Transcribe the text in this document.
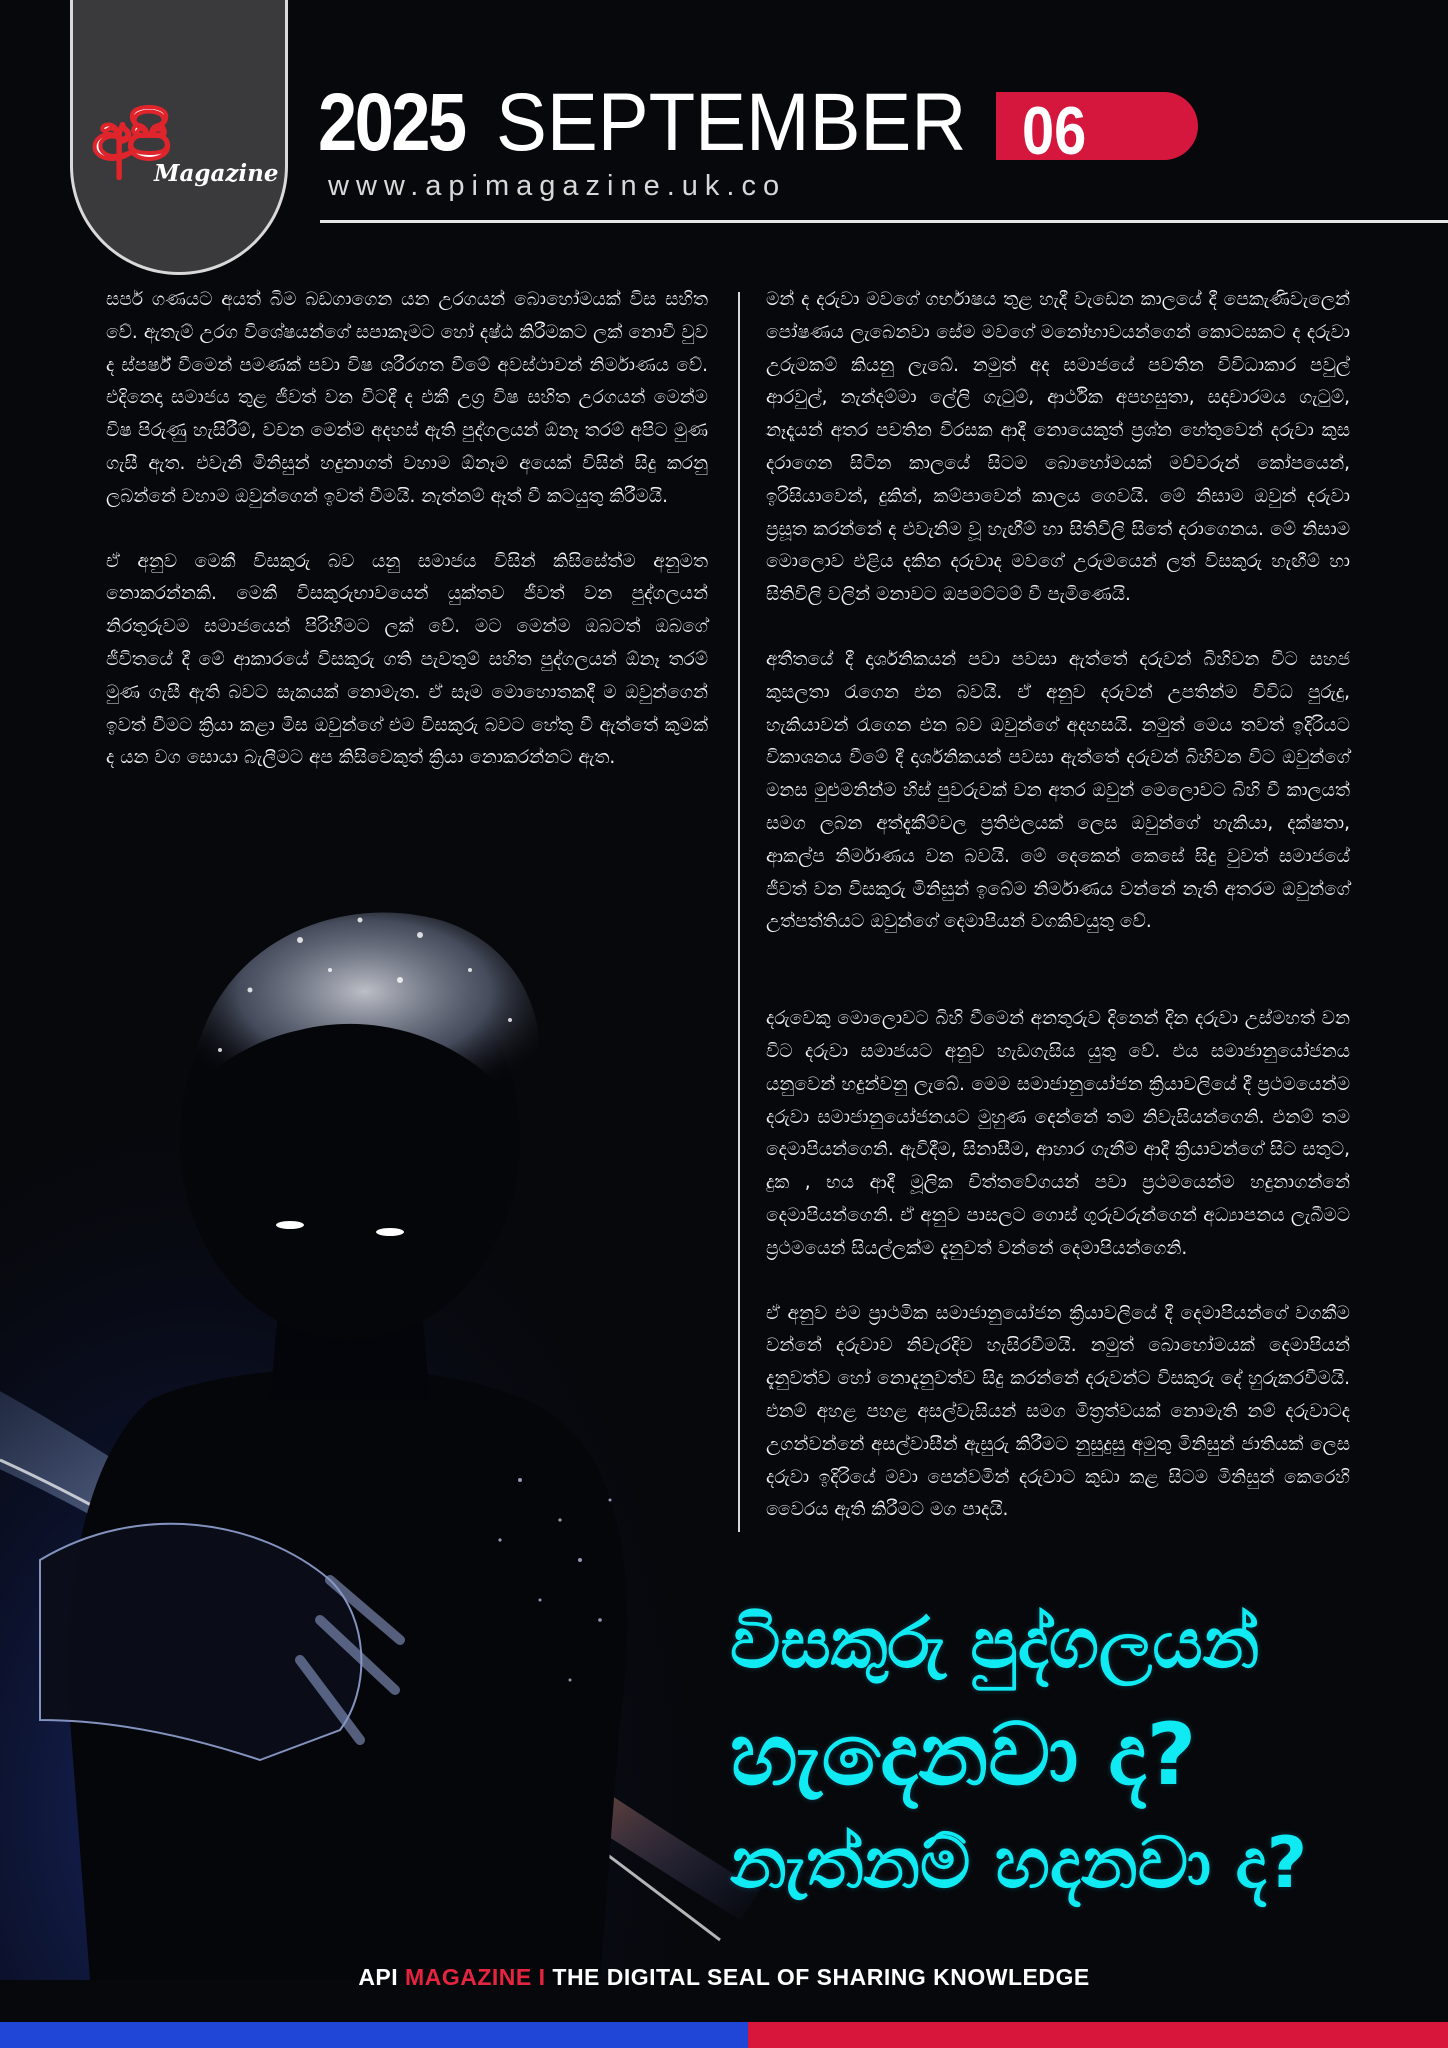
අපි
Magazine
2025 SEPTEMBER 06
www.apimagazine.uk.co

සර්ප ගණයට අයත් බිම බඩගාගෙන යන උරගයන් බොහෝමයක් විස සහිත වේ. ඇතැම් උරග විශේෂයන්ගේ සපාකෑමට හෝ දෂ්ඨ කිරීමකට ලක් නොවී වුව ද ස්පර්ෂ් වීමෙන් පමණක් පවා විෂ ශරීරගත වීමේ අවස්ථාවන් නිර්මාණය වේ. එදිනෙදා සමාජය තුළ ජීවත් වන විටදී ද එකී උග්‍ර විෂ සහිත උරගයන් මෙන්ම විෂ පිරුණු හැසිරීම්, වචන මෙන්ම අදහස් ඇති පුද්ගලයන් ඕනෑ තරම් අපිට මුණ ගැසී ඇත. එවැනි මිනිසුන් හදුනාගත් වහාම ඕනෑම අයෙක් විසින් සිදු කරනු ලබන්නේ වහාම ඔවුන්ගෙන් ඉවත් වීමයි. නැත්නම් ඈත් වී කටයුතු කිරීමයි.

ඒ අනුව මෙකී විසකුරු බව යනු සමාජය විසින් කිසිසේත්ම අනුමත නොකරන්නකි. මෙකී විසකුරුභාවයෙන් යුක්තව ජීවත් වන පුද්ගලයන් නිරතුරුවම සමාජයෙන් පිරිහීමට ලක් වේ. මට මෙන්ම ඔබටත් ඔබගේ ජීවිතයේ දී මේ ආකාරයේ විසකුරු ගති පැවතුම් සහිත පුද්ගලයන් ඕනෑ තරම් මුණ ගැසී ඇති බවට සැකයක් නොමැත. ඒ සෑම මොහොතකදී ම ඔවුන්ගෙන් ඉවත් වීමට ක්‍රියා කළා මිස ඔවුන්ගේ එම විසකුරු බවට හේතු වී ඇත්තේ කුමක් ද යන වග සොයා බැලීමට අප කිසිවෙකුත් ක්‍රියා නොකරන්නට ඇත.

මන් ද දරුවා මවගේ ගර්භාෂය තුළ හැදී වැඩෙන කාලයේ දී පෙකැණිවැලෙන් පෝෂණය ලැබෙනවා සේම මවගේ මනෝභාවයන්ගෙන් කොටසකට ද දරුවා උරුමකම් කියනු ලැබේ. නමුත් අද සමාජයේ පවතින විවිධාකාර පවුල් ආරවුල්, නැන්දම්මා ලේලි ගැටුම්, ආර්ථික අපහසුතා, සදාචාරමය ගැටුම්, නෑදෑයන් අතර පවතින විරසක ආදී නොයෙකුත් ප්‍රශ්න හේතුවෙන් දරුවා කුස දරාගෙන සිටින කාලයේ සිටම බොහෝමයක් මව්වරුන් කෝපයෙන්, ඉරිසියාවෙන්, දුකින්, කම්පාවෙන් කාලය ගෙවයි. මේ නිසාම ඔවුන් දරුවා ප්‍රසූත කරන්නේ ද එවැනිම වූ හැඟීම් හා සිතිවිලි සිතේ දරාගෙනය. මේ නිසාම මොලොව එළිය දකින දරුවාද මවගේ උරුමයෙන් ලත් විසකුරු හැඟීම් හා සිතිවිලි වලින් මනාවට ඔපමට්ටම් වී පැමිණෙයි.

අතීතයේ දී දාර්ශනිකයන් පවා පවසා ඇත්තේ දරුවන් බිහිවන විට සහජ කුසලතා රැගෙන එන බවයි. ඒ අනුව දරුවන් උපතින්ම විවිධ පුරුදු, හැකියාවන් රැගෙන එන බව ඔවුන්ගේ අදහසයි. නමුත් මෙය තවත් ඉදිරියට විකාශනය වීමේ දී දාර්ශනිකයන් පවසා ඇත්තේ දරුවන් බිහිවන විට ඔවුන්ගේ මනස මුළුමනින්ම හිස් පුවරුවක් වන අතර ඔවුන් මෙලොවට බිහි වී කාලයත් සමග ලබන අත්දැකීම්වල ප්‍රතිඵලයක් ලෙස ඔවුන්ගේ හැකියා, දක්ෂතා, ආකල්ප නිර්මාණය වන බවයි. මේ දෙකෙන් කෙසේ සිදු වුවත් සමාජයේ ජීවත් වන විසකුරු මිනිසුන් ඉබේම නිර්මාණය වන්නේ නැති අතරම ඔවුන්ගේ උත්පත්තියට ඔවුන්ගේ දෙමාපියන් වගකිවයුතු වේ.

දරුවෙකු මොලොවට බිහි වීමෙන් අනතුරුව දිනෙන් දින දරුවා උස්මහත් වන විට දරුවා සමාජයට අනුව හැඩගැසිය යුතු වේ. එය සමාජානුයෝජනය යනුවෙන් හදුන්වනු ලැබේ. මෙම සමාජානුයෝජන ක්‍රියාවලියේ දී ප්‍රථමයෙන්ම දරුවා සමාජානුයෝජනයට මුහුණ දෙන්නේ තම නිවැසියන්ගෙනි. එනම් තම දෙමාපියන්ගෙනි. ඇවිදීම, සිනාසීම, ආහාර ගැනීම ආදී ක්‍රියාවන්ගේ සිට සතුට, දුක , භය ආදී මූලික චිත්තවේගයන් පවා ප්‍රථමයෙන්ම හදුනාගන්නේ දෙමාපියන්ගෙනි. ඒ අනුව පාසලට ගොස් ගුරුවරුන්ගෙන් අධ්‍යාපනය ලැබීමට ප්‍රථමයෙන් සියල්ලක්ම දැනුවත් වන්නේ දෙමාපියන්ගෙනි.

ඒ අනුව එම ප්‍රාථමික සමාජානුයෝජන ක්‍රියාවලියේ දී දෙමාපියන්ගේ වගකීම වන්නේ දරුවාව නිවැරදිව හැසිරවීමයි. නමුත් බොහෝමයක් දෙමාපියන් දැනුවත්ව හෝ නොදැනුවත්ව සිදු කරන්නේ දරුවන්ට විසකුරු දේ හුරුකරවීමයි. එනම් අහළ පහළ අසල්වැසියන් සමග මිත්‍රත්වයක් නොමැති නම් දරුවාටද උගන්වන්නේ අසල්වාසීන් ඇසුරු කිරීමට නුසුදුසු අමුතු මිනිසුන් ජාතියක් ලෙස දරුවා ඉදිරියේ මවා පෙන්වමින් දරුවාට කුඩා කළ සිටම මිනිසුන් කෙරෙහි වෛරය ඇති කිරීමට මග පාදයි.

විසකුරු පුද්ගලයන්
හැදෙනවා ද?
නැත්නම් හදනවා ද?
API MAGAZINE I THE DIGITAL SEAL OF SHARING KNOWLEDGE
